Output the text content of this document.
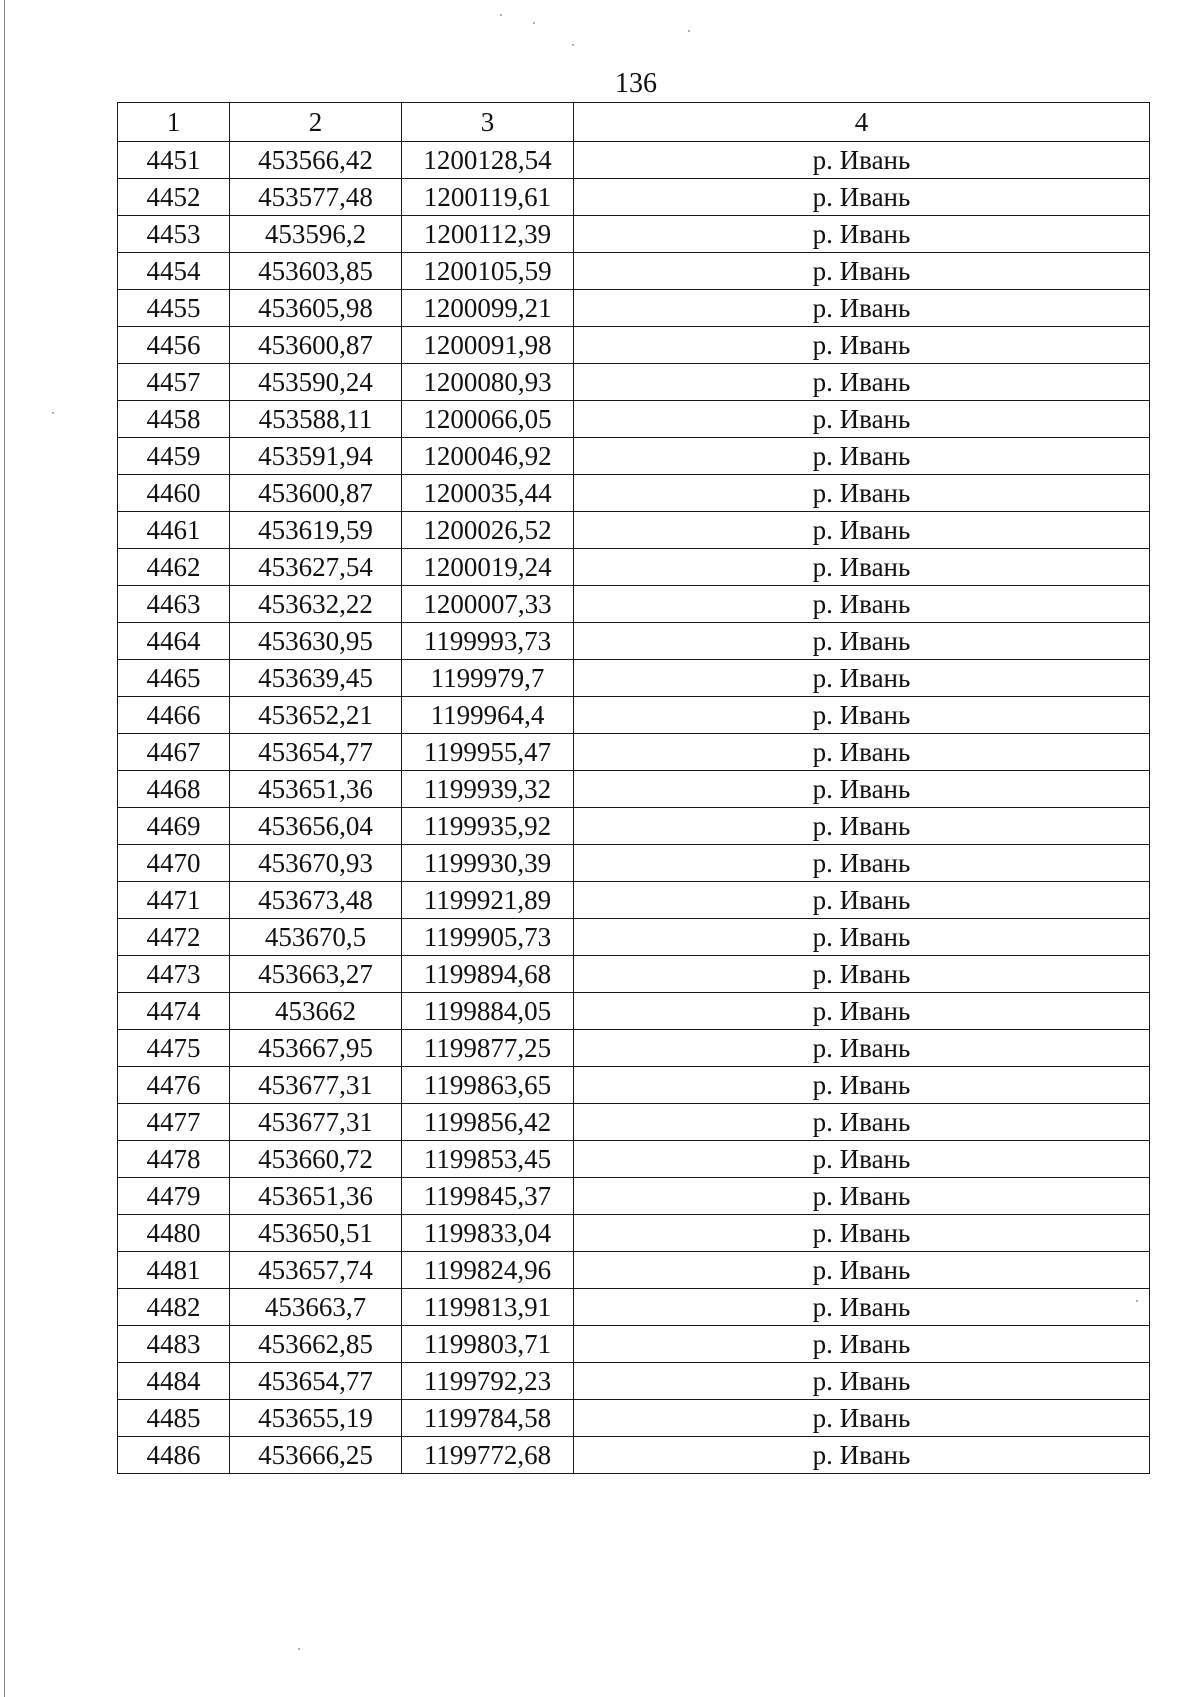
136
1	2	3	4
4451	453566,42	1200128,54	р. Ивань
4452	453577,48	1200119,61	р. Ивань
4453	453596,2	1200112,39	р. Ивань
4454	453603,85	1200105,59	р. Ивань
4455	453605,98	1200099,21	р. Ивань
4456	453600,87	1200091,98	р. Ивань
4457	453590,24	1200080,93	р. Ивань
4458	453588,11	1200066,05	р. Ивань
4459	453591,94	1200046,92	р. Ивань
4460	453600,87	1200035,44	р. Ивань
4461	453619,59	1200026,52	р. Ивань
4462	453627,54	1200019,24	р. Ивань
4463	453632,22	1200007,33	р. Ивань
4464	453630,95	1199993,73	р. Ивань
4465	453639,45	1199979,7	р. Ивань
4466	453652,21	1199964,4	р. Ивань
4467	453654,77	1199955,47	р. Ивань
4468	453651,36	1199939,32	р. Ивань
4469	453656,04	1199935,92	р. Ивань
4470	453670,93	1199930,39	р. Ивань
4471	453673,48	1199921,89	р. Ивань
4472	453670,5	1199905,73	р. Ивань
4473	453663,27	1199894,68	р. Ивань
4474	453662	1199884,05	р. Ивань
4475	453667,95	1199877,25	р. Ивань
4476	453677,31	1199863,65	р. Ивань
4477	453677,31	1199856,42	р. Ивань
4478	453660,72	1199853,45	р. Ивань
4479	453651,36	1199845,37	р. Ивань
4480	453650,51	1199833,04	р. Ивань
4481	453657,74	1199824,96	р. Ивань
4482	453663,7	1199813,91	р. Ивань
4483	453662,85	1199803,71	р. Ивань
4484	453654,77	1199792,23	р. Ивань
4485	453655,19	1199784,58	р. Ивань
4486	453666,25	1199772,68	р. Ивань
